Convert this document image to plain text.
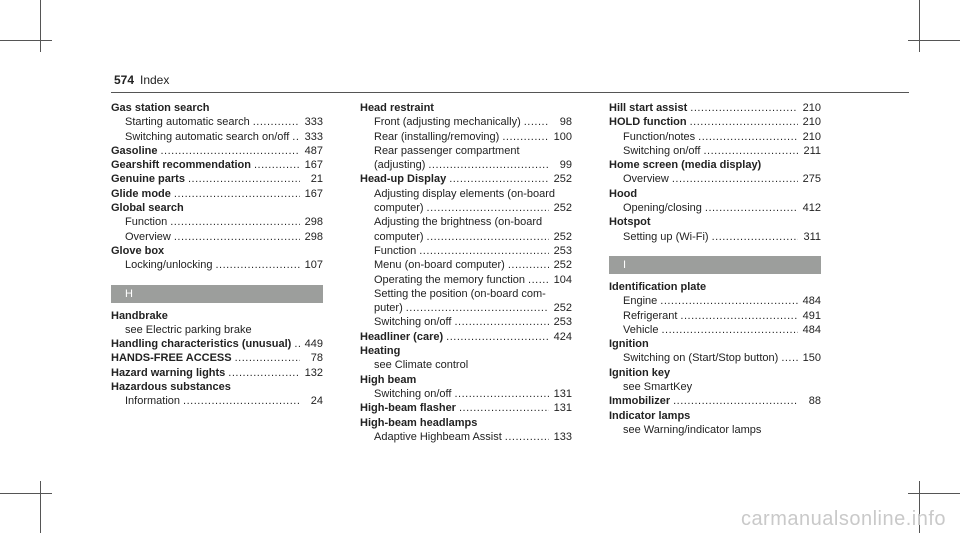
574 Index
Gas station search
Starting automatic search .....	333
Switching automatic search on/off ..... 333
Gasoline .....	487
Gearshift recommendation .....	167
Genuine parts .....	21
Glide mode .....	167
Global search
Function .....	298
Overview .....	298
Glove box
Locking/unlocking .....	107
H
Handbrake
see Electric parking brake
Handling characteristics (unusual) ..... 449
HANDS-FREE ACCESS .....	78
Hazard warning lights .....	132
Hazardous substances
Information .....	24
Head restraint
Front (adjusting mechanically) .....	98
Rear (installing/removing) .....	100
Rear passenger compartment
(adjusting) .....	99
Head-up Display .....	252
Adjusting display elements (on-board
computer) .....	252
Adjusting the brightness (on-board
computer) .....	252
Function .....	253
Menu (on-board computer) .....	252
Operating the memory function .....	104
Setting the position (on-board com-
puter) .....	252
Switching on/off .....	253
Headliner (care) .....	424
Heating
see Climate control
High beam
Switching on/off .....	131
High-beam flasher .....	131
High-beam headlamps
Adaptive Highbeam Assist .....	133
Hill start assist .....	210
HOLD function .....	210
Function/notes .....	210
Switching on/off .....	211
Home screen (media display)
Overview .....	275
Hood
Opening/closing .....	412
Hotspot
Setting up (Wi-Fi) .....	311
I
Identification plate
Engine .....	484
Refrigerant .....	491
Vehicle .....	484
Ignition
Switching on (Start/Stop button) ..... 150
Ignition key
see SmartKey
Immobilizer .....	88
Indicator lamps
see Warning/indicator lamps
carmanualsonline.info
